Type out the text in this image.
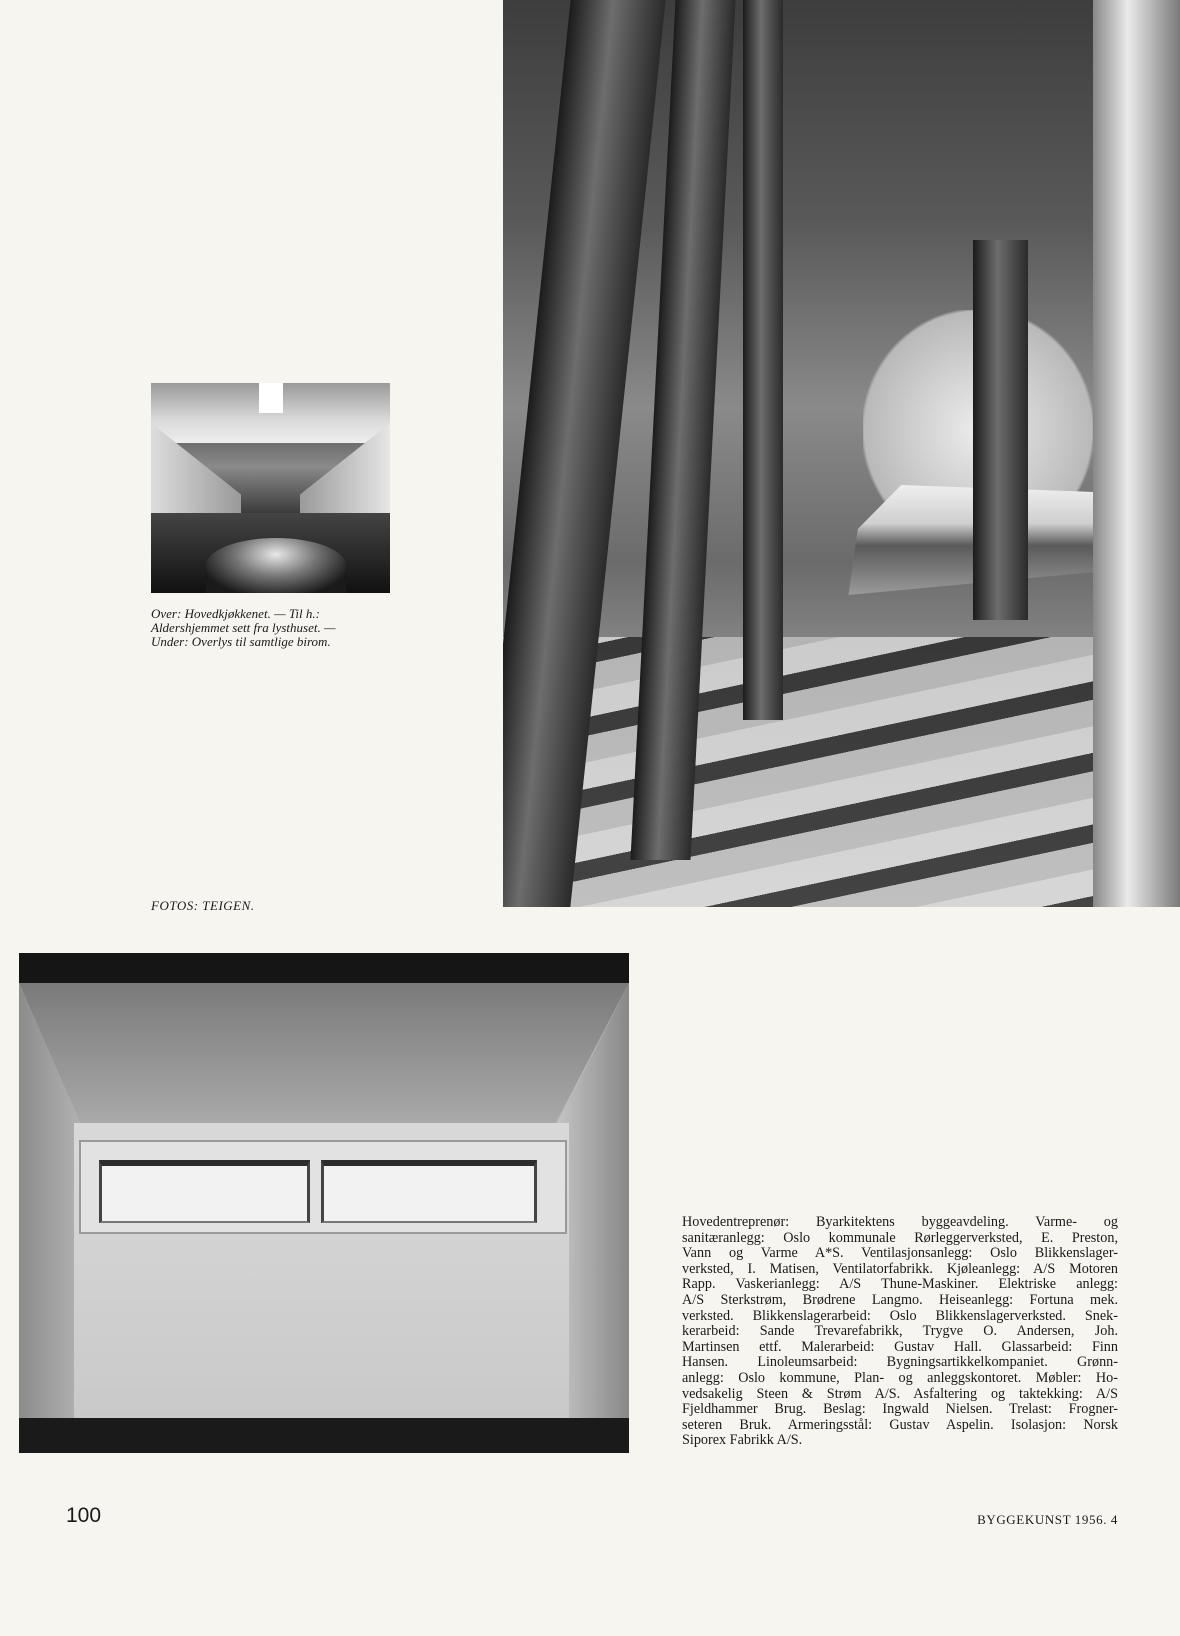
Over: Hovedkjøkkenet. — Til h.:
Aldershjemmet sett fra lysthuset. —
Under: Overlys til samtlige birom.
FOTOS: TEIGEN.
Hovedentreprenør: Byarkitektens byggeavdeling. Varme- og
sanitæranlegg: Oslo kommunale Rørleggerverksted, E. Preston,
Vann og Varme A*S. Ventilasjonsanlegg: Oslo Blikkenslager-
verksted, I. Matisen, Ventilatorfabrikk. Kjøleanlegg: A/S Motoren
Rapp. Vaskerianlegg: A/S Thune-Maskiner. Elektriske anlegg:
A/S Sterkstrøm, Brødrene Langmo. Heiseanlegg: Fortuna mek.
verksted. Blikkenslagerarbeid: Oslo Blikkenslagerverksted. Snek-
kerarbeid: Sande Trevarefabrikk, Trygve O. Andersen, Joh.
Martinsen ettf. Malerarbeid: Gustav Hall. Glassarbeid: Finn
Hansen. Linoleumsarbeid: Bygningsartikkelkompaniet. Grønn-
anlegg: Oslo kommune, Plan- og anleggskontoret. Møbler: Ho-
vedsakelig Steen & Strøm A/S. Asfaltering og taktekking: A/S
Fjeldhammer Brug. Beslag: Ingwald Nielsen. Trelast: Frogner-
seteren Bruk. Armeringsstål: Gustav Aspelin. Isolasjon: Norsk
Siporex Fabrikk A/S.
100	BYGGEKUNST 1956. 4
